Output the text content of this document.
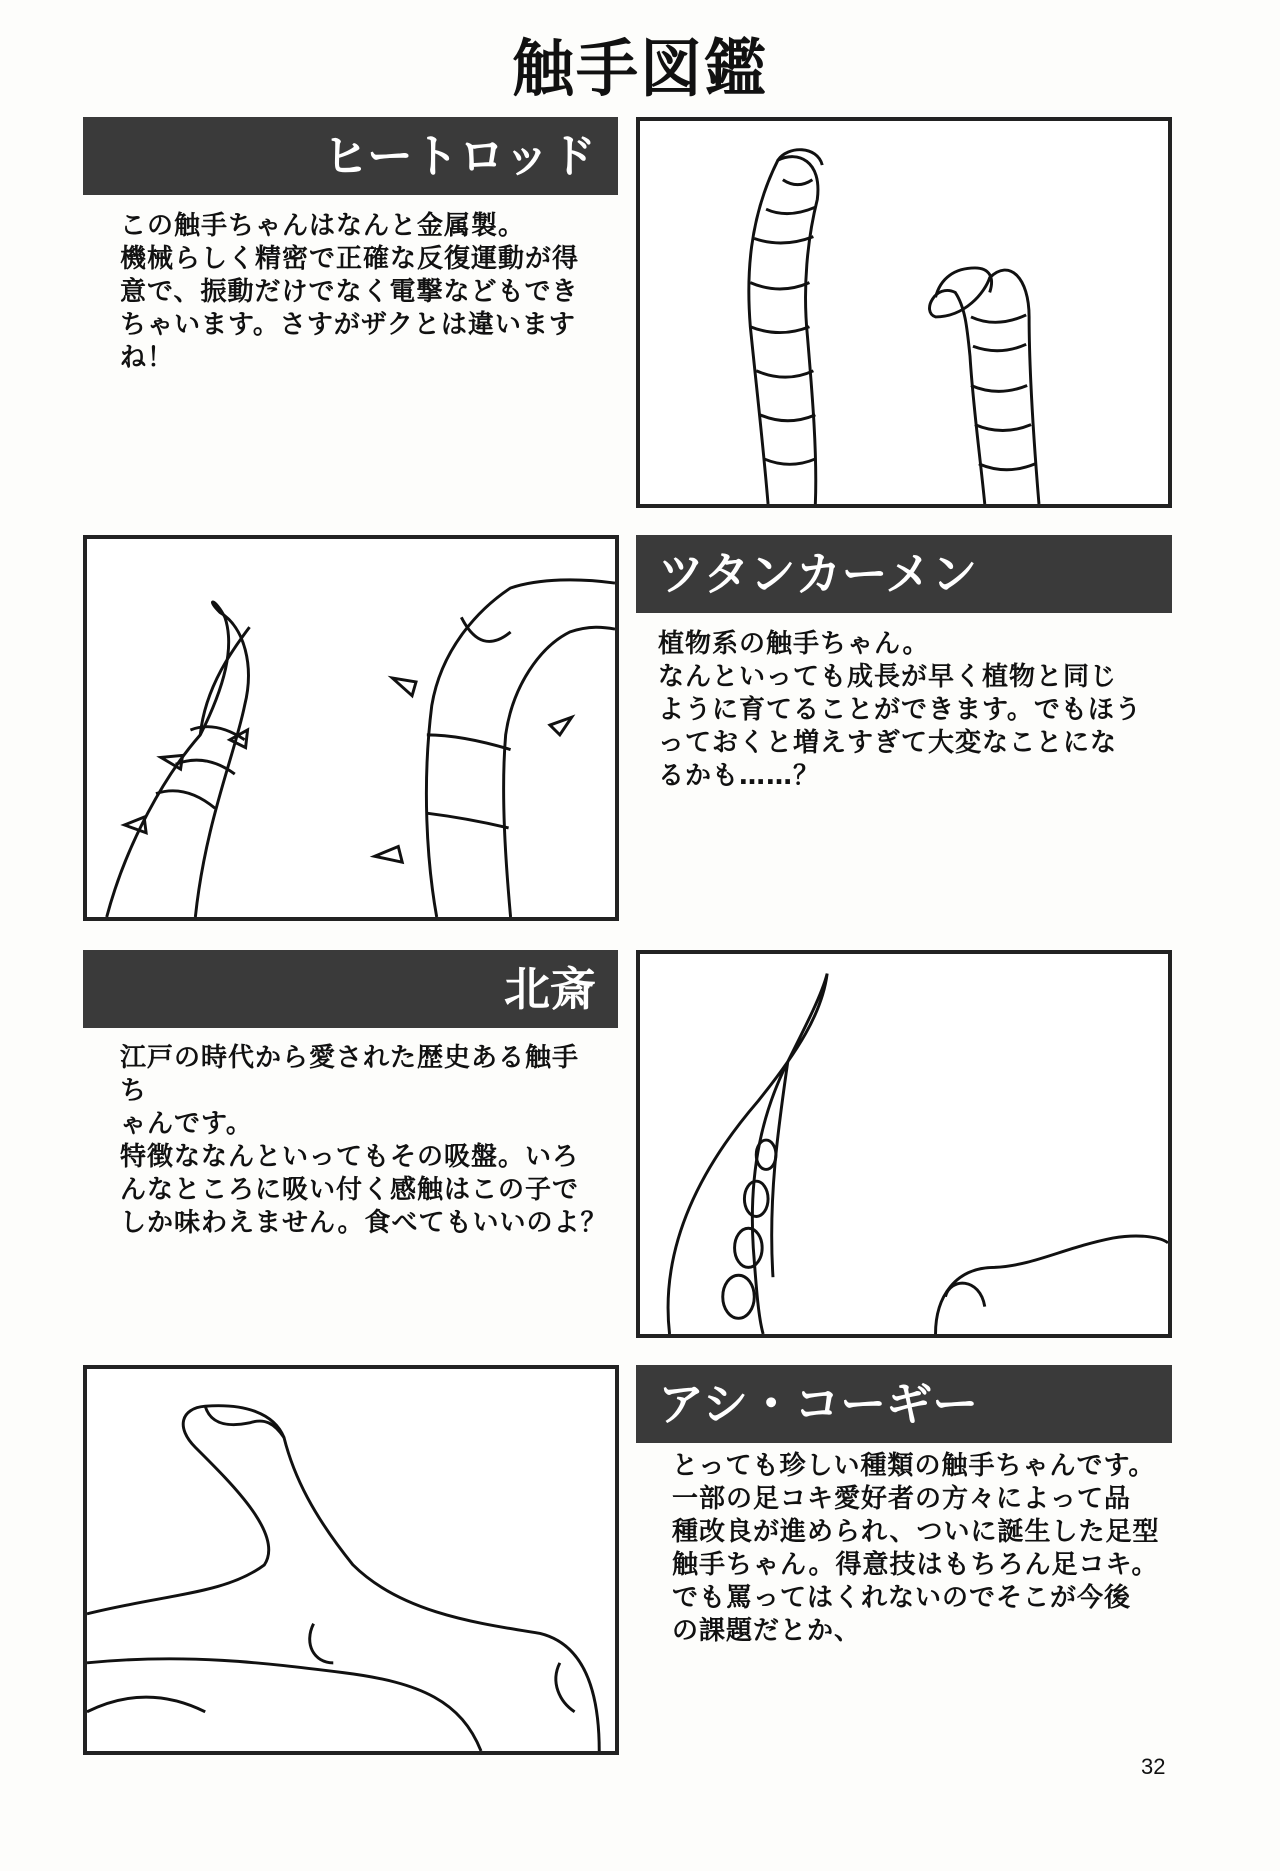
触手図鑑
ヒートロッド
この触手ちゃんはなんと金属製。
機械らしく精密で正確な反復運動が得
意で、振動だけでなく電撃などもでき
ちゃいます。さすがザクとは違います
ね！
ツタンカーメン
植物系の触手ちゃん。
なんといっても成長が早く植物と同じ
ように育てることができます。でもほう
っておくと増えすぎて大変なことにな
るかも……？
北斎
江戸の時代から愛された歴史ある触手
ち
ゃんです。
特徴ななんといってもその吸盤。いろ
んなところに吸い付く感触はこの子で
しか味わえません。食べてもいいのよ？
アシ・コーギー
とっても珍しい種類の触手ちゃんです。
一部の足コキ愛好者の方々によって品
種改良が進められ、ついに誕生した足型
触手ちゃん。得意技はもちろん足コキ。
でも罵ってはくれないのでそこが今後
の課題だとか、
32
